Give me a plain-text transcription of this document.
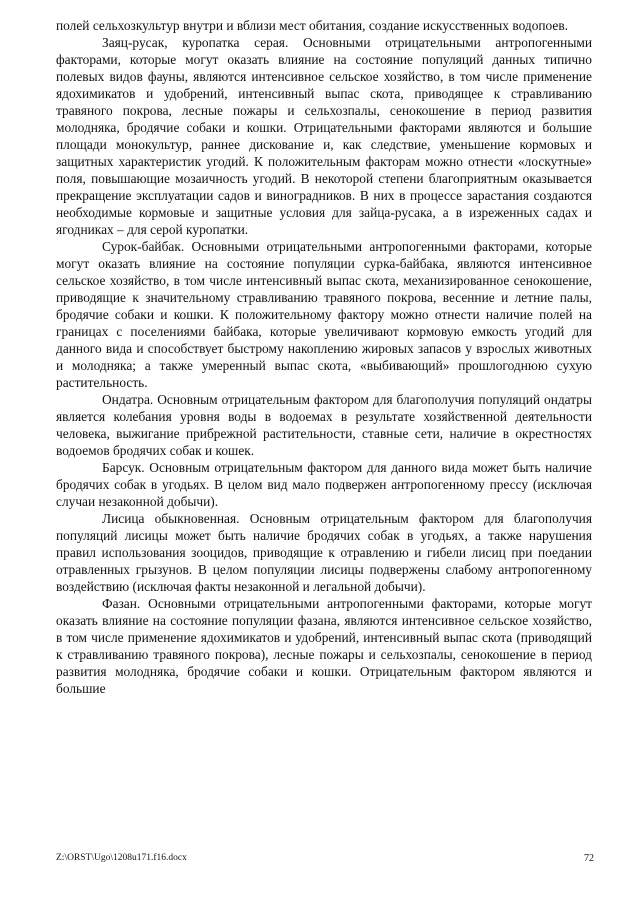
полей сельхозкультур внутри и вблизи мест обитания, создание искусственных водопоев.

Заяц-русак, куропатка серая. Основными отрицательными антропогенными факторами, которые могут оказать влияние на состояние популяций данных типично полевых видов фауны, являются интенсивное сельское хозяйство, в том числе применение ядохимикатов и удобрений, интенсивный выпас скота, приводящее к стравливанию травяного покрова, лесные пожары и сельхозпалы, сенокошение в период развития молодняка, бродячие собаки и кошки. Отрицательными факторами являются и большие площади монокультур, раннее дискование и, как следствие, уменьшение кормовых и защитных характеристик угодий. К положительным факторам можно отнести «лоскутные» поля, повышающие мозаичность угодий. В некоторой степени благоприятным оказывается прекращение эксплуатации садов и виноградников. В них в процессе зарастания создаются необходимые кормовые и защитные условия для зайца-русака, а в изреженных садах и ягодниках – для серой куропатки.

Сурок-байбак. Основными отрицательными антропогенными факторами, которые могут оказать влияние на состояние популяции сурка-байбака, являются интенсивное сельское хозяйство, в том числе интенсивный выпас скота, механизированное сенокошение, приводящие к значительному стравливанию травяного покрова, весенние и летние палы, бродячие собаки и кошки. К положительному фактору можно отнести наличие полей на границах с поселениями байбака, которые увеличивают кормовую емкость угодий для данного вида и способствует быстрому накоплению жировых запасов у взрослых животных и молодняка; а также умеренный выпас скота, «выбивающий» прошлогоднюю сухую растительность.

Ондатра. Основным отрицательным фактором для благополучия популяций ондатры является колебания уровня воды в водоемах в результате хозяйственной деятельности человека, выжигание прибрежной растительности, ставные сети, наличие в окрестностях водоемов бродячих собак и кошек.

Барсук. Основным отрицательным фактором для данного вида может быть наличие бродячих собак в угодьях. В целом вид мало подвержен антропогенному прессу (исключая случаи незаконной добычи).

Лисица обыкновенная. Основным отрицательным фактором для благополучия популяций лисицы может быть наличие бродячих собак в угодьях, а также нарушения правил использования зооцидов, приводящие к отравлению и гибели лисиц при поедании отравленных грызунов. В целом популяции лисицы подвержены слабому антропогенному воздействию (исключая факты незаконной и легальной добычи).

Фазан. Основными отрицательными антропогенными факторами, которые могут оказать влияние на состояние популяции фазана, являются интенсивное сельское хозяйство, в том числе применение ядохимикатов и удобрений, интенсивный выпас скота (приводящий к стравливанию травяного покрова), лесные пожары и сельхозпалы, сенокошение в период развития молодняка, бродячие собаки и кошки. Отрицательным фактором являются и большие

Z:\ORST\Ugo\1208u171.f16.docx	72
